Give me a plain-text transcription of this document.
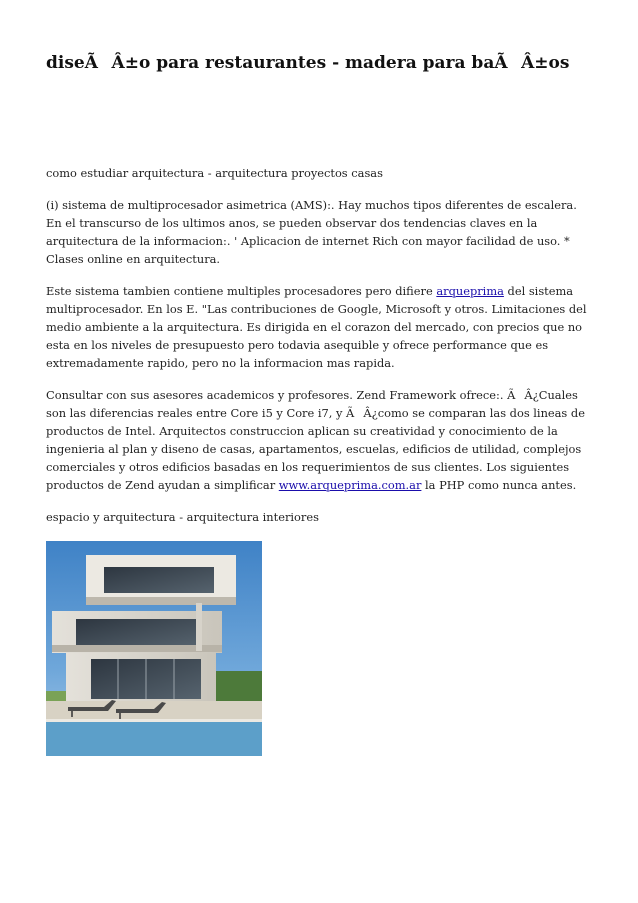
diseÃÂ±o para restaurantes - madera para baÃÂ±os

como estudiar arquitectura - arquitectura proyectos casas

(i) sistema de multiprocesador asimetrica (AMS):. Hay muchos tipos diferentes de escalera. En el transcurso de los ultimos anos, se pueden observar dos tendencias claves en la arquitectura de la informacion:. ' Aplicacion de internet Rich con mayor facilidad de uso. * Clases online en arquitectura.

Este sistema tambien contiene multiples procesadores pero difiere arqueprima del sistema multiprocesador. En los E. "Las contribuciones de Google, Microsoft y otros. Limitaciones del medio ambiente a la arquitectura. Es dirigida en el corazon del mercado, con precios que no esta en los niveles de presupuesto pero todavia asequible y ofrece performance que es extremadamente rapido, pero no la informacion mas rapida.

Consultar con sus asesores academicos y profesores. Zend Framework ofrece:. ÃÂ¿Cuales son las diferencias reales entre Core i5 y Core i7, y ÃÂ¿como se comparan las dos lineas de productos de Intel. Arquitectos construccion aplican su creatividad y conocimiento de la ingenieria al plan y diseno de casas, apartamentos, escuelas, edificios de utilidad, complejos comerciales y otros edificios basadas en los requerimientos de sus clientes. Los siguientes productos de Zend ayudan a simplificar www.arqueprima.com.ar la PHP como nunca antes.

espacio y arquitectura - arquitectura interiores
